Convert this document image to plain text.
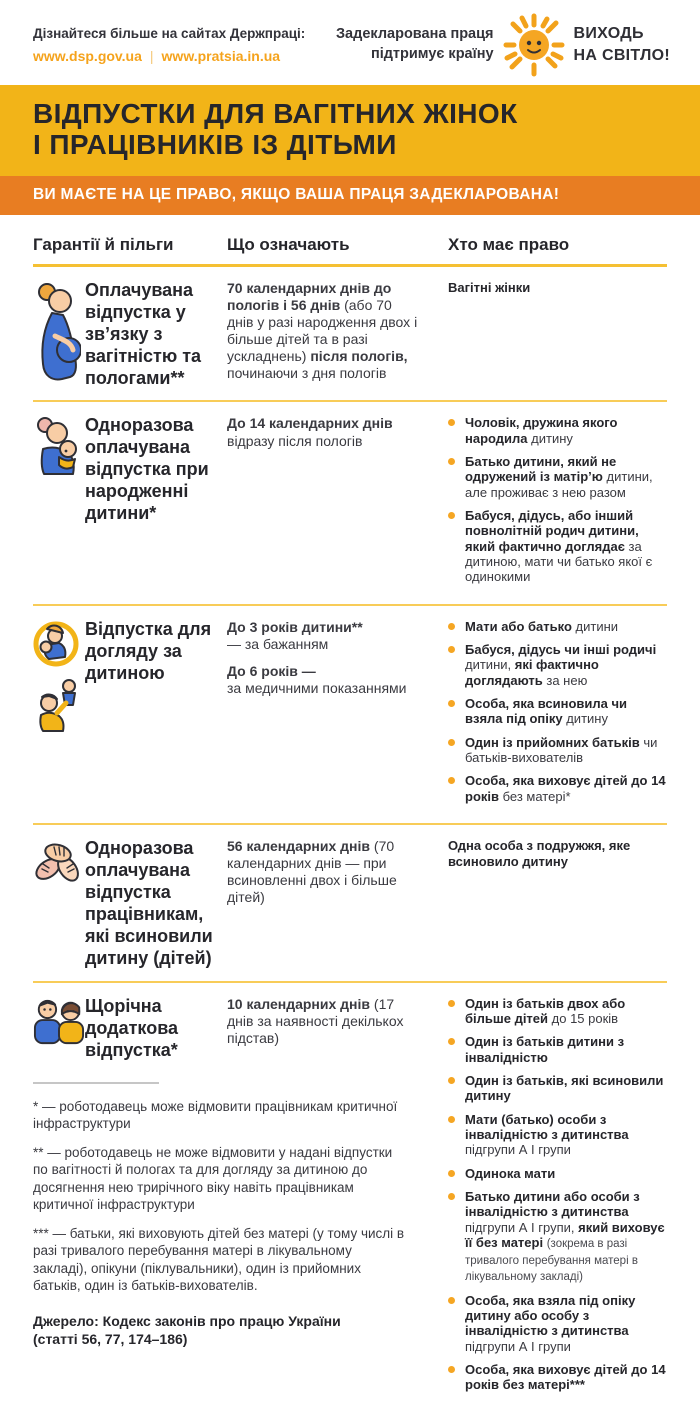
Дізнайтеся більше на сайтах Держпраці:
www.dsp.gov.ua | www.pratsia.in.ua
Задекларована праця
підтримує країну
ВИХОДЬ
НА СВІТЛО!
ВІДПУСТКИ ДЛЯ ВАГІТНИХ ЖІНОК
І ПРАЦІВНИКІВ ІЗ ДІТЬМИ
ВИ МАЄТЕ НА ЦЕ ПРАВО, ЯКЩО ВАША ПРАЦЯ ЗАДЕКЛАРОВАНА!
Гарантії й пільги	Що означають	Хто має право
Оплачувана відпустка у зв’язку з вагітністю та пологами**
70 календарних днів до пологів і 56 днів (або 70 днів у разі народження двох і більше дітей та в разі ускладнень) після пологів, починаючи з дня пологів
Вагітні жінки
Одноразова оплачувана відпустка при народженні дитини*
До 14 календарних днів відразу після пологів
Чоловік, дружина якого народила дитину
Батько дитини, який не одружений із матір’ю дитини, але проживає з нею разом
Бабуся, дідусь, або інший повнолітній родич дитини, який фактично доглядає за дитиною, мати чи батько якої є одинокими
Відпустка для догляду за дитиною

До 3 років дитини**
— за бажанням

До 6 років —
за медичними показаннями

Мати або батько дитини
Бабуся, дідусь чи інші родичі дитини, які фактично доглядають за нею
Особа, яка всиновила чи взяла під опіку дитину
Один із прийомних батьків чи батьків-вихователів
Особа, яка виховує дітей до 14 років без матері*
Одноразова оплачувана відпустка працівникам, які всиновили дитину (дітей)
56 календарних днів (70 календарних днів — при всиновленні двох і більше дітей)
Одна особа з подружжя, яке всиновило дитину
Щорічна додаткова відпустка*
10 календарних днів (17 днів за наявності декількох підстав)

* — роботодавець може відмовити працівникам критичної інфраструктури

** — роботодавець не може відмовити у надані відпустки по вагітності й пологах та для догляду за дитиною до досягнення нею трирічного віку навіть працівникам критичної інфраструктури

*** — батьки, які виховують дітей без матері (у тому числі в разі тривалого перебування матері в лікувальному закладі), опікуни (піклувальники), один із прийомних батьків, один із батьків-вихователів.

Джерело: Кодекс законів про працю України
(статті 56, 77, 174–186)

Один із батьків двох або більше дітей до 15 років
Один із батьків дитини з інвалідністю
Один із батьків, які всиновили дитину
Мати (батько) особи з інвалідністю з дитинства підгрупи А І групи
Одинока мати
Батько дитини або особи з інвалідністю з дитинства підгрупи А І групи, який виховує її без матері (зокрема в разі тривалого перебування матері в лікувальному закладі)
Особа, яка взяла під опіку дитину або особу з інвалідністю з дитинства підгрупи А І групи
Особа, яка виховує дітей до 14 років без матері***
